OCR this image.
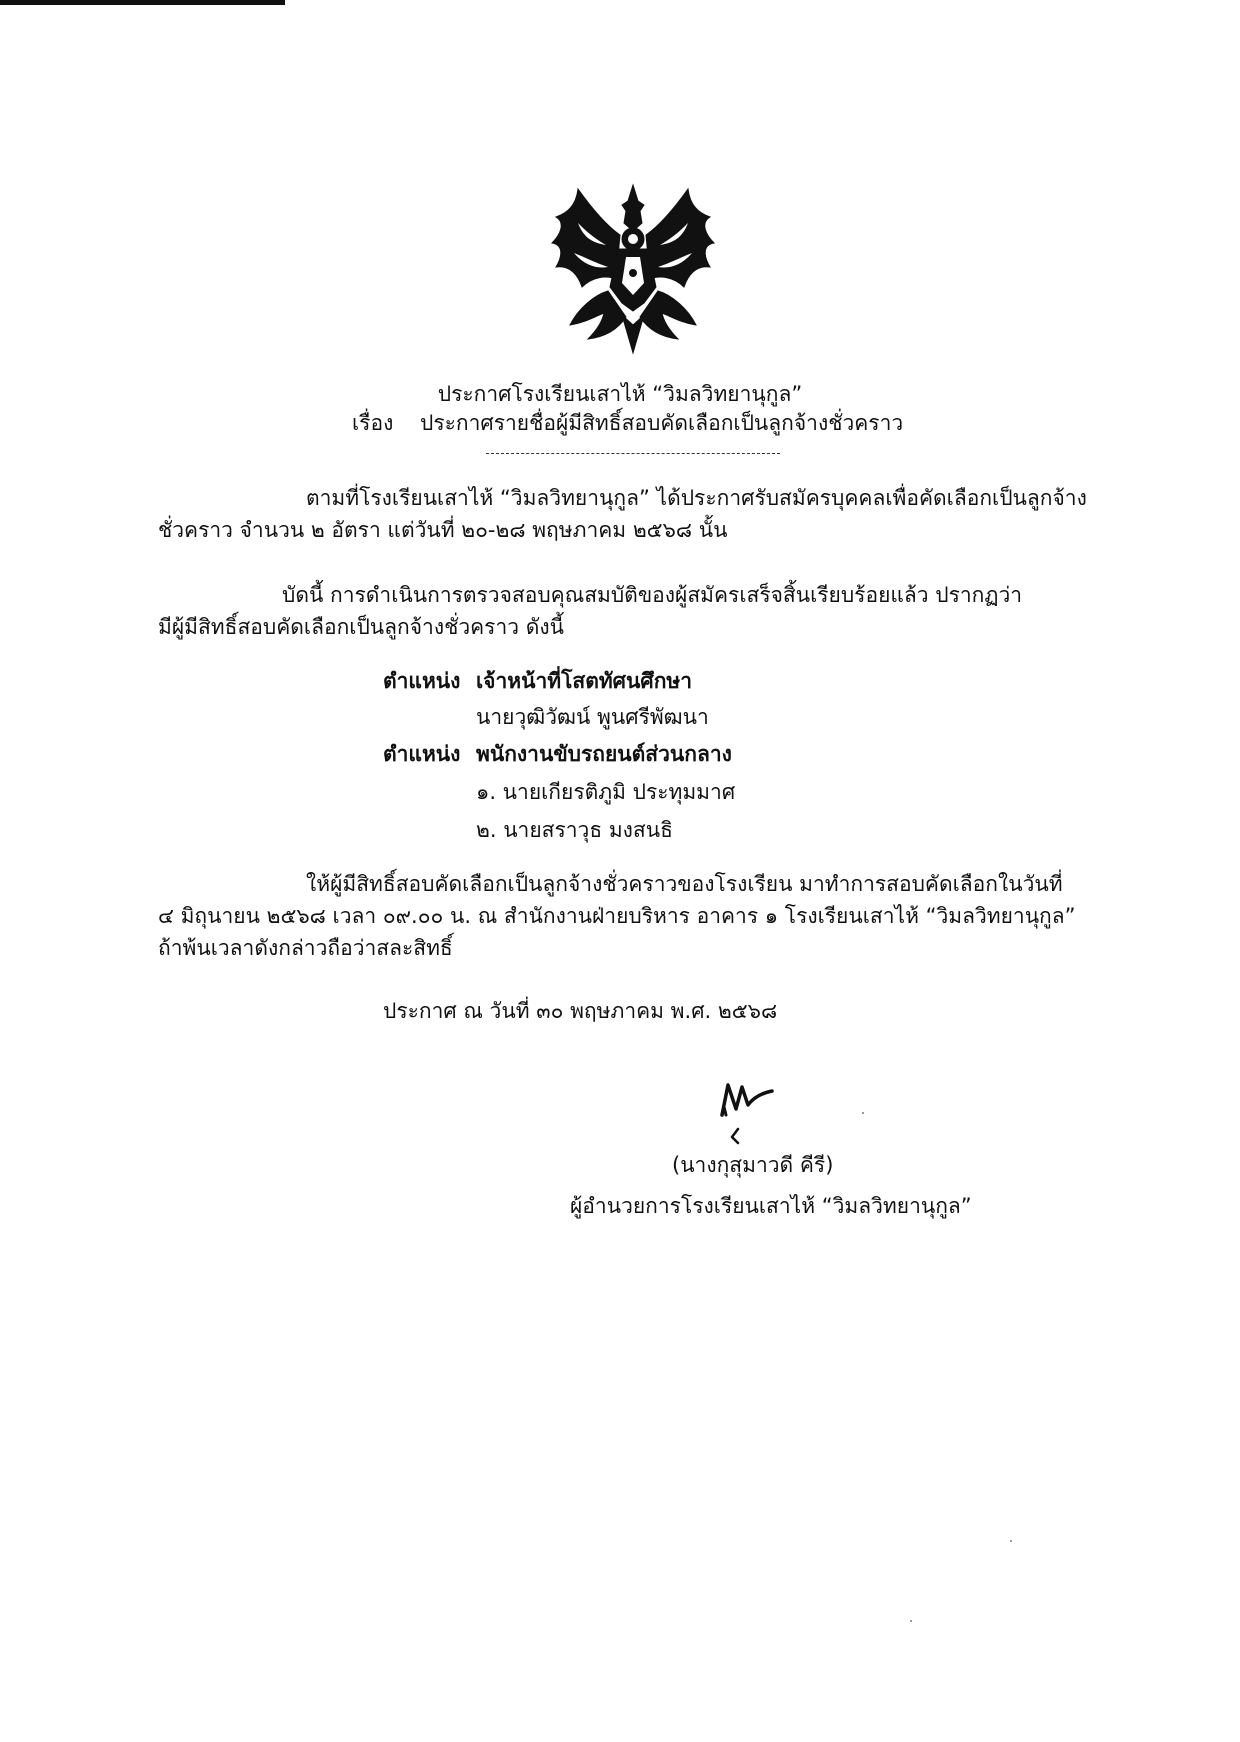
ประกาศโรงเรียนเสาไห้ “วิมลวิทยานุกูล”
เรื่อง ประกาศรายชื่อผู้มีสิทธิ์สอบคัดเลือกเป็นลูกจ้างชั่วคราว
ตามที่โรงเรียนเสาไห้ “วิมลวิทยานุกูล” ได้ประกาศรับสมัครบุคคลเพื่อคัดเลือกเป็นลูกจ้าง
ชั่วคราว จำนวน ๒ อัตรา แต่วันที่ ๒๐-๒๘ พฤษภาคม ๒๕๖๘ นั้น
บัดนี้ การดำเนินการตรวจสอบคุณสมบัติของผู้สมัครเสร็จสิ้นเรียบร้อยแล้ว ปรากฏว่า
มีผู้มีสิทธิ์สอบคัดเลือกเป็นลูกจ้างชั่วคราว ดังนี้
ตำแหน่ง เจ้าหน้าที่โสตทัศนศึกษา
นายวุฒิวัฒน์ พูนศรีพัฒนา
ตำแหน่ง พนักงานขับรถยนต์ส่วนกลาง
๑. นายเกียรติภูมิ ประทุมมาศ
๒. นายสราวุธ มงสนธิ
ให้ผู้มีสิทธิ์สอบคัดเลือกเป็นลูกจ้างชั่วคราวของโรงเรียน มาทำการสอบคัดเลือกในวันที่
๔ มิถุนายน ๒๕๖๘ เวลา ๐๙.๐๐ น. ณ สำนักงานฝ่ายบริหาร อาคาร ๑ โรงเรียนเสาไห้ “วิมลวิทยานุกูล”
ถ้าพ้นเวลาดังกล่าวถือว่าสละสิทธิ์
ประกาศ ณ วันที่ ๓๐ พฤษภาคม พ.ศ. ๒๕๖๘
(นางกุสุมาวดี คีรี)
ผู้อำนวยการโรงเรียนเสาไห้ “วิมลวิทยานุกูล”
